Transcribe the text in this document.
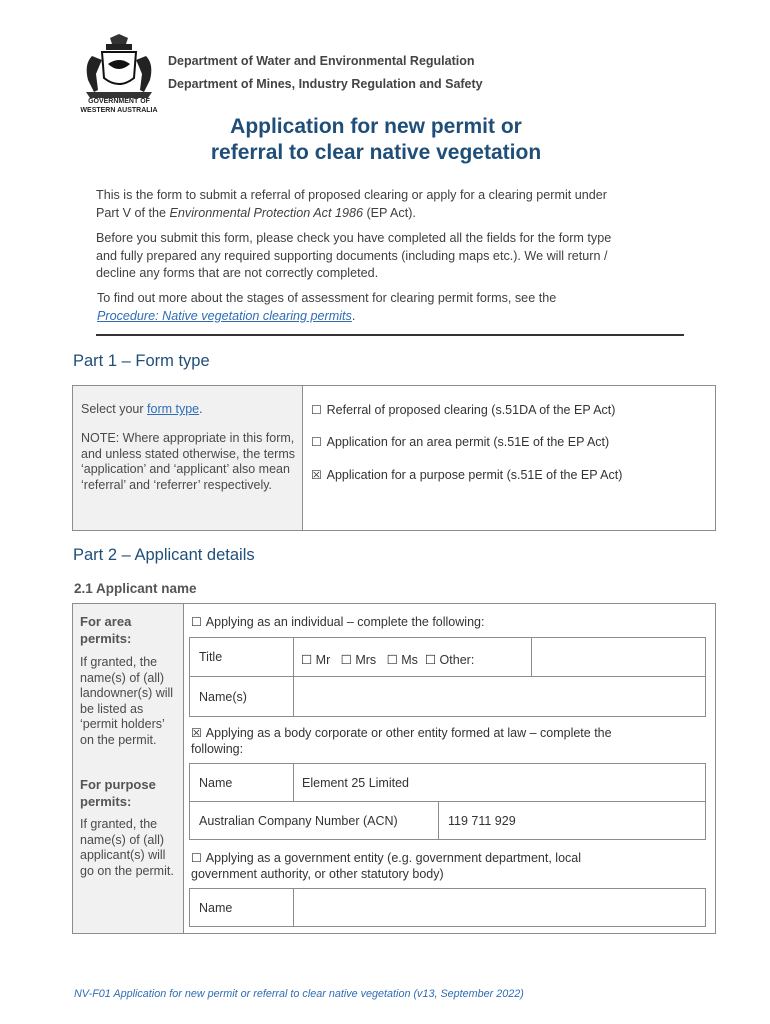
GOVERNMENT OF
WESTERN AUSTRALIA
Department of Water and Environmental Regulation
Department of Mines, Industry Regulation and Safety
Application for new permit or
referral to clear native vegetation
This is the form to submit a referral of proposed clearing or apply for a clearing permit under
Part V of the Environmental Protection Act 1986 (EP Act).
Before you submit this form, please check you have completed all the fields for the form type
and fully prepared any required supporting documents (including maps etc.). We will return /
decline any forms that are not correctly completed.
To find out more about the stages of assessment for clearing permit forms, see the
Procedure: Native vegetation clearing permits.
Part 1 – Form type
Select your form type.
NOTE: Where appropriate in this form, and unless stated otherwise, the terms ‘application’ and ‘applicant’ also mean ‘referral’ and ‘referrer’ respectively.
☐ Referral of proposed clearing (s.51DA of the EP Act)
☐ Application for an area permit (s.51E of the EP Act)
☒ Application for a purpose permit (s.51E of the EP Act)
Part 2 – Applicant details
2.1 Applicant name
For area permits:
If granted, the name(s) of (all) landowner(s) will be listed as ‘permit holders’ on the permit.
For purpose permits:
If granted, the name(s) of (all) applicant(s) will go on the permit.
☐ Applying as an individual – complete the following:
Title	☐ Mr   ☐ Mrs   ☐ Ms  ☐ Other:
Name(s)
☒ Applying as a body corporate or other entity formed at law – complete the
following:
Name	Element 25 Limited
Australian Company Number (ACN)	119 711 929
☐ Applying as a government entity (e.g. government department, local
government authority, or other statutory body)
Name
NV-F01 Application for new permit or referral to clear native vegetation (v13, September 2022)
